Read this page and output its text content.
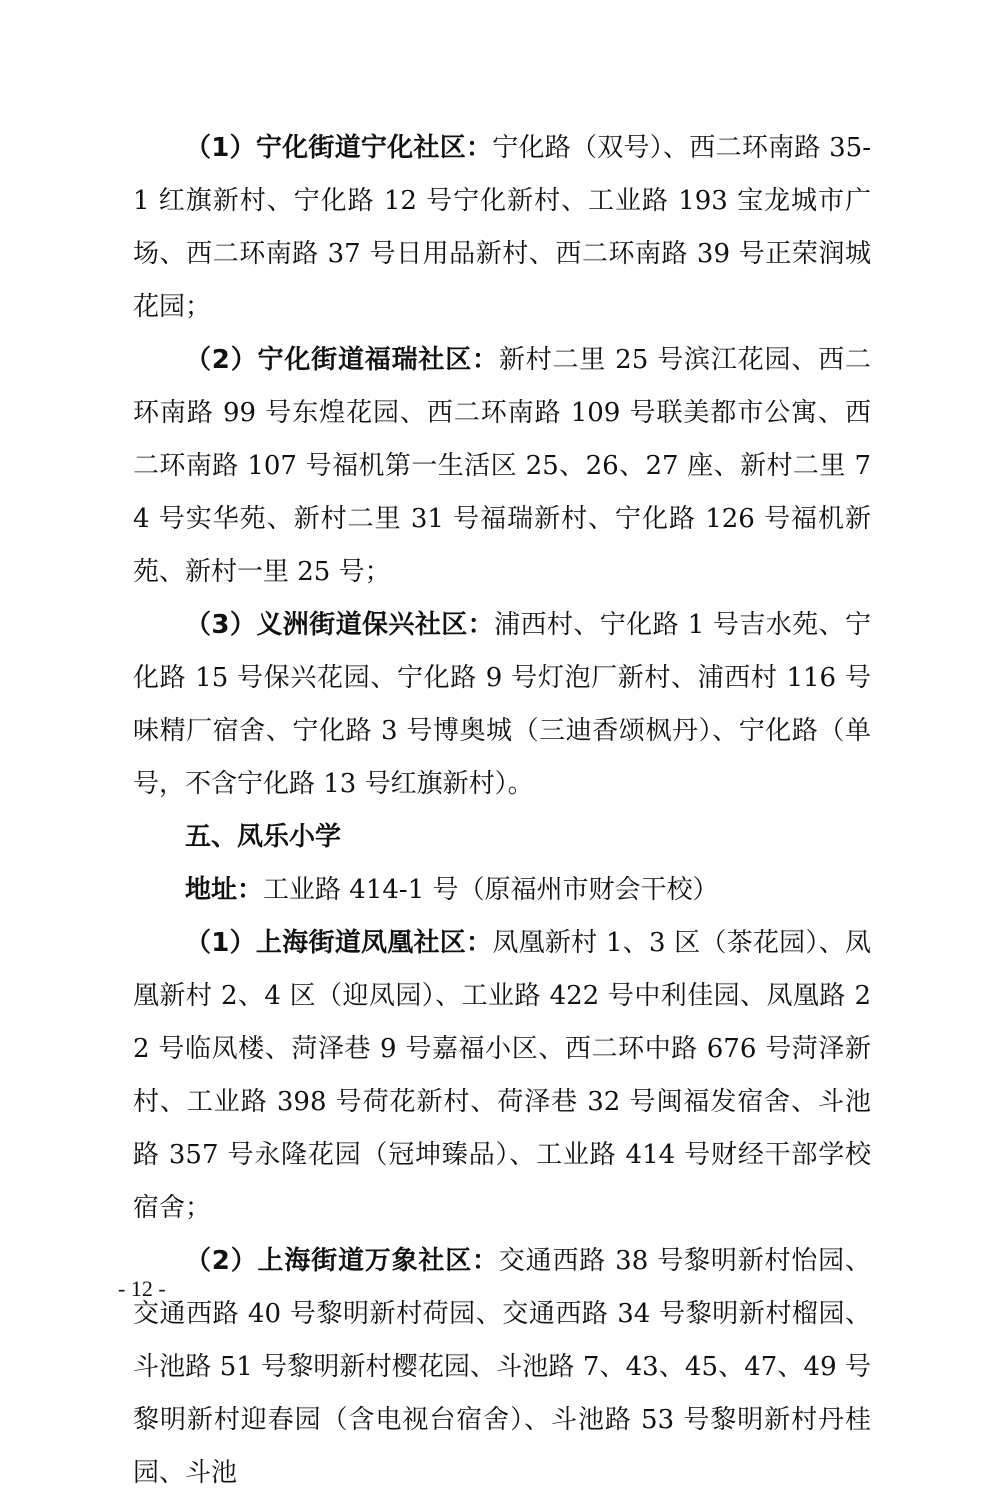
（1）宁化街道宁化社区：宁化路（双号）、西二环南路 35-1 红旗新村、宁化路 12 号宁化新村、工业路 193 宝龙城市广场、西二环南路 37 号日用品新村、西二环南路 39 号正荣润城花园；

（2）宁化街道福瑞社区：新村二里 25 号滨江花园、西二环南路 99 号东煌花园、西二环南路 109 号联美都市公寓、西二环南路 107 号福机第一生活区 25、26、27 座、新村二里 74 号实华苑、新村二里 31 号福瑞新村、宁化路 126 号福机新苑、新村一里 25 号；

（3）义洲街道保兴社区：浦西村、宁化路 1 号吉水苑、宁化路 15 号保兴花园、宁化路 9 号灯泡厂新村、浦西村 116 号味精厂宿舍、宁化路 3 号博奥城（三迪香颂枫丹）、宁化路（单号，不含宁化路 13 号红旗新村）。

五、凤乐小学

地址：工业路 414-1 号（原福州市财会干校）

（1）上海街道凤凰社区：凤凰新村 1、3 区（茶花园）、凤凰新村 2、4 区（迎凤园）、工业路 422 号中利佳园、凤凰路 22 号临凤楼、菏泽巷 9 号嘉福小区、西二环中路 676 号菏泽新村、工业路 398 号荷花新村、荷泽巷 32 号闽福发宿舍、斗池路 357 号永隆花园（冠坤臻品）、工业路 414 号财经干部学校宿舍；

（2）上海街道万象社区：交通西路 38 号黎明新村怡园、交通西路 40 号黎明新村荷园、交通西路 34 号黎明新村榴园、斗池路 51 号黎明新村樱花园、斗池路 7、43、45、47、49 号黎明新村迎春园（含电视台宿舍）、斗池路 53 号黎明新村丹桂园、斗池

- 12 -
